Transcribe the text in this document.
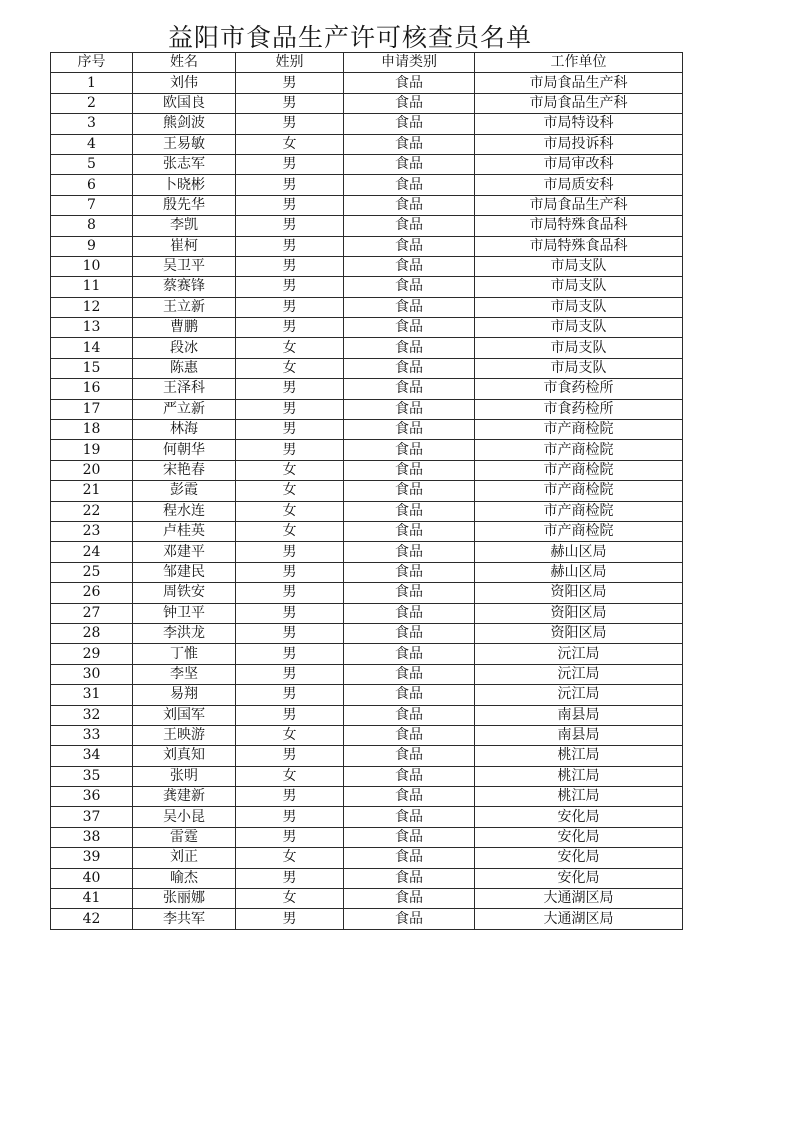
益阳市食品生产许可核查员名单
序号	姓名	姓别	申请类别	工作单位
1	刘伟	男	食品	市局食品生产科
2	欧国良	男	食品	市局食品生产科
3	熊剑波	男	食品	市局特设科
4	王易敏	女	食品	市局投诉科
5	张志军	男	食品	市局审改科
6	卜晓彬	男	食品	市局质安科
7	殷先华	男	食品	市局食品生产科
8	李凯	男	食品	市局特殊食品科
9	崔柯	男	食品	市局特殊食品科
10	吴卫平	男	食品	市局支队
11	蔡赛锋	男	食品	市局支队
12	王立新	男	食品	市局支队
13	曹鹏	男	食品	市局支队
14	段冰	女	食品	市局支队
15	陈惠	女	食品	市局支队
16	王泽科	男	食品	市食药检所
17	严立新	男	食品	市食药检所
18	林海	男	食品	市产商检院
19	何朝华	男	食品	市产商检院
20	宋艳春	女	食品	市产商检院
21	彭霞	女	食品	市产商检院
22	程水连	女	食品	市产商检院
23	卢桂英	女	食品	市产商检院
24	邓建平	男	食品	赫山区局
25	邹建民	男	食品	赫山区局
26	周铁安	男	食品	资阳区局
27	钟卫平	男	食品	资阳区局
28	李洪龙	男	食品	资阳区局
29	丁惟	男	食品	沅江局
30	李坚	男	食品	沅江局
31	易翔	男	食品	沅江局
32	刘国军	男	食品	南县局
33	王映游	女	食品	南县局
34	刘真知	男	食品	桃江局
35	张明	女	食品	桃江局
36	龚建新	男	食品	桃江局
37	吴小昆	男	食品	安化局
38	雷霆	男	食品	安化局
39	刘正	女	食品	安化局
40	喻杰	男	食品	安化局
41	张丽娜	女	食品	大通湖区局
42	李共军	男	食品	大通湖区局
